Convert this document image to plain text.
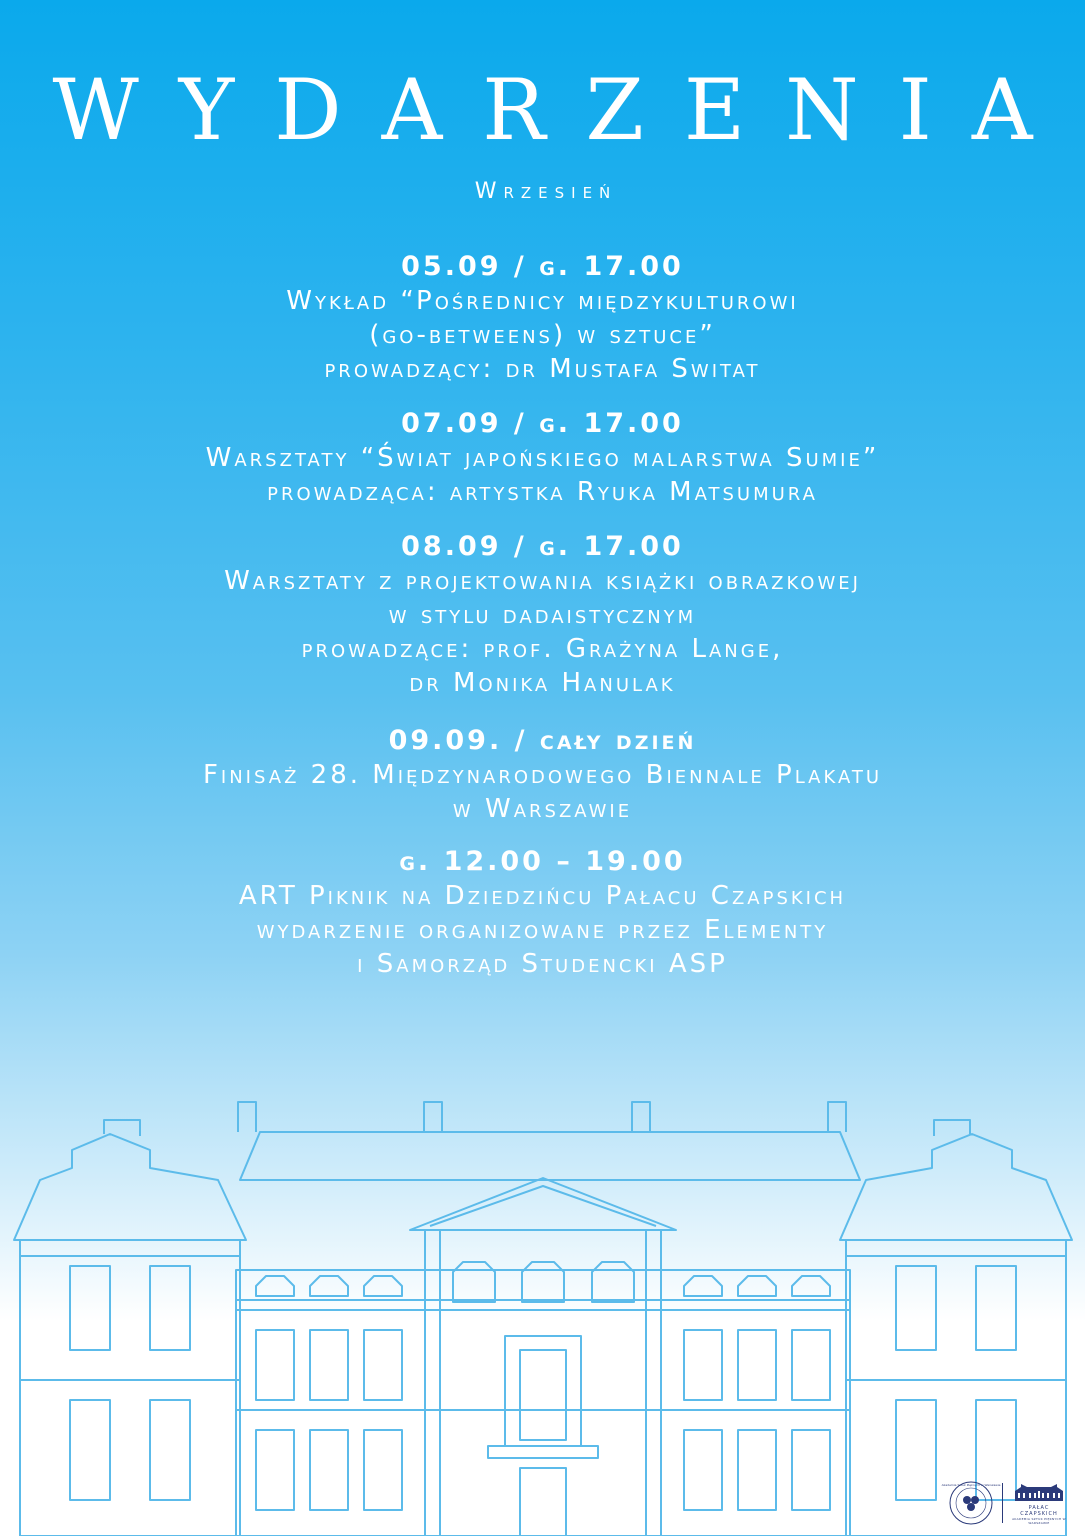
WYDARZENIA
Wrzesień
05.09 / g. 17.00
Wykład “Pośrednicy międzykulturowi
(go-betweens) w sztuce”
prowadzący: dr Mustafa Switat
07.09 / g. 17.00
Warsztaty “Świat japońskiego malarstwa Sumie”
prowadząca: artystka Ryuka Matsumura
08.09 / g. 17.00
Warsztaty z projektowania książki obrazkowej
w stylu dadaistycznym
prowadzące: prof. Grażyna Lange,
dr Monika Hanulak
09.09. / cały dzień
Finisaż 28. Międzynarodowego Biennale Plakatu
w Warszawie
g. 12.00 – 19.00
ART Piknik na Dziedzińcu Pałacu Czapskich
wydarzenie organizowane przez Elementy
i Samorząd Studencki ASP
Akademia Sztuk Pięknych w Warszawie
PAŁAC CZAPSKICH
AKADEMIA SZTUK PIĘKNYCH W WARSZAWIE
